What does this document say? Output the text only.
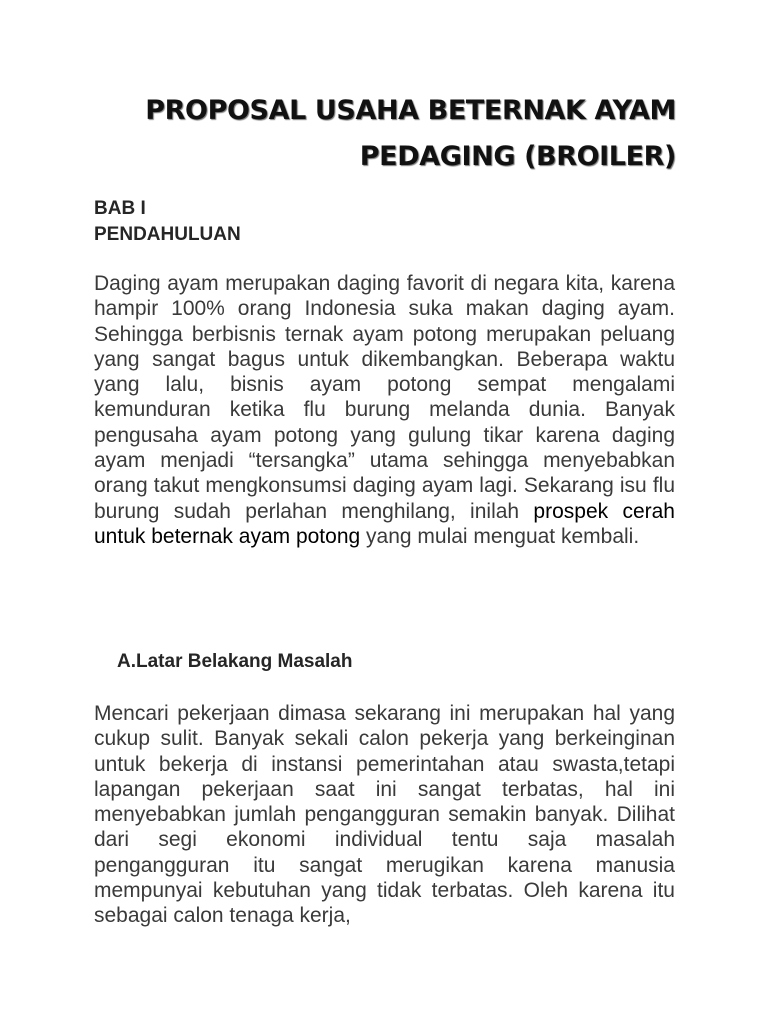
PROPOSAL USAHA BETERNAK AYAM
PEDAGING (BROILER)
BAB I
PENDAHULUAN

Daging ayam merupakan daging favorit di negara kita, karena hampir 100% orang Indonesia suka makan daging ayam. Sehingga berbisnis ternak ayam potong merupakan peluang yang sangat bagus untuk dikembangkan. Beberapa waktu yang lalu, bisnis ayam potong sempat mengalami kemunduran ketika flu burung melanda dunia. Banyak pengusaha ayam potong yang gulung tikar karena daging ayam menjadi “tersangka” utama sehingga menyebabkan orang takut mengkonsumsi daging ayam lagi. Sekarang isu flu burung sudah perlahan menghilang, inilah prospek cerah untuk beternak ayam potong yang mulai menguat kembali.

A.Latar Belakang Masalah

Mencari pekerjaan dimasa sekarang ini merupakan hal yang cukup sulit. Banyak sekali calon pekerja yang berkeinginan untuk bekerja di instansi pemerintahan atau swasta,tetapi lapangan pekerjaan saat ini sangat terbatas, hal ini menyebabkan jumlah pengangguran semakin banyak. Dilihat dari segi ekonomi individual tentu saja masalah pengangguran itu sangat merugikan karena manusia mempunyai kebutuhan yang tidak terbatas. Oleh karena itu sebagai calon tenaga kerja,
